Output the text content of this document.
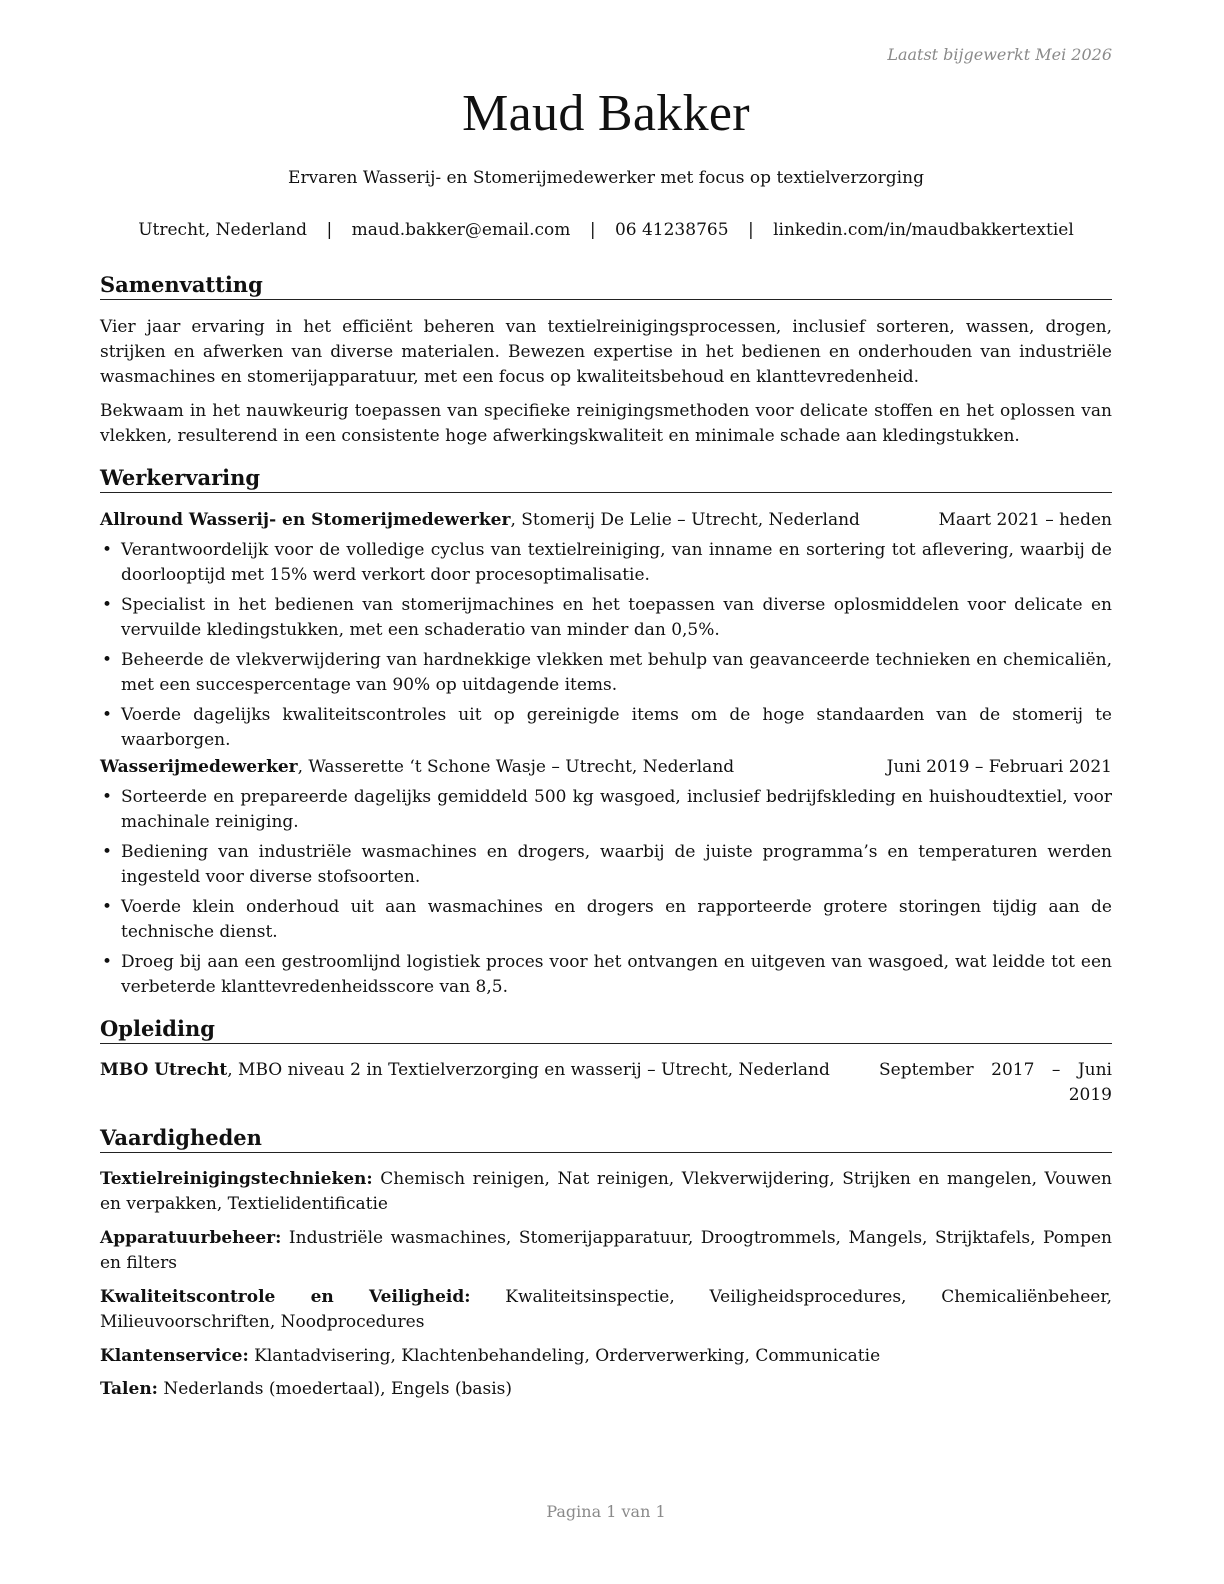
Laatst bijgewerkt Mei 2026
Maud Bakker
Ervaren Wasserij- en Stomerijmedewerker met focus op textielverzorging
Utrecht, Nederland | maud.bakker@email.com | 06 41238765 | linkedin.com/in/maudbakkertextiel
Samenvatting

Vier jaar ervaring in het efficiënt beheren van textielreinigingsprocessen, inclusief sorteren, wassen, drogen, strijken en afwerken van diverse materialen. Bewezen expertise in het bedienen en onderhouden van industriële wasmachines en stomerijapparatuur, met een focus op kwaliteitsbehoud en klanttevredenheid.

Bekwaam in het nauwkeurig toepassen van specifieke reinigingsmethoden voor delicate stoffen en het oplossen van vlekken, resulterend in een consistente hoge afwerkingskwaliteit en minimale schade aan kledingstukken.

Werkervaring
Allround Wasserij- en Stomerijmedewerker, Stomerij De Lelie – Utrecht, Nederland	Maart 2021 – heden
• Verantwoordelijk voor de volledige cyclus van textielreiniging, van inname en sortering tot aflevering, waarbij de doorlooptijd met 15% werd verkort door procesoptimalisatie.
• Specialist in het bedienen van stomerijmachines en het toepassen van diverse oplosmiddelen voor delicate en vervuilde kledingstukken, met een schaderatio van minder dan 0,5%.
• Beheerde de vlekverwijdering van hardnekkige vlekken met behulp van geavanceerde technieken en chemicaliën, met een succespercentage van 90% op uitdagende items.
• Voerde dagelijks kwaliteitscontroles uit op gereinigde items om de hoge standaarden van de stomerij te waarborgen.
Wasserijmedewerker, Wasserette ‘t Schone Wasje – Utrecht, Nederland	Juni 2019 – Februari 2021
• Sorteerde en prepareerde dagelijks gemiddeld 500 kg wasgoed, inclusief bedrijfskleding en huishoudtextiel, voor machinale reiniging.
• Bediening van industriële wasmachines en drogers, waarbij de juiste programma’s en temperaturen werden ingesteld voor diverse stofsoorten.
• Voerde klein onderhoud uit aan wasmachines en drogers en rapporteerde grotere storingen tijdig aan de technische dienst.
• Droeg bij aan een gestroomlijnd logistiek proces voor het ontvangen en uitgeven van wasgoed, wat leidde tot een verbeterde klanttevredenheidsscore van 8,5.
Opleiding
MBO Utrecht, MBO niveau 2 in Textielverzorging en wasserij – Utrecht, Nederland	September 2017 – Juni 2019
Vaardigheden

Textielreinigingstechnieken: Chemisch reinigen, Nat reinigen, Vlekverwijdering, Strijken en mangelen, Vouwen en verpakken, Textielidentificatie

Apparatuurbeheer: Industriële wasmachines, Stomerijapparatuur, Droogtrommels, Mangels, Strijktafels, Pompen en filters

Kwaliteitscontrole en Veiligheid: Kwaliteitsinspectie, Veiligheidsprocedures, Chemicaliënbeheer, Milieuvoorschriften, Noodprocedures

Klantenservice: Klantadvisering, Klachtenbehandeling, Orderverwerking, Communicatie

Talen: Nederlands (moedertaal), Engels (basis)

Pagina 1 van 1
